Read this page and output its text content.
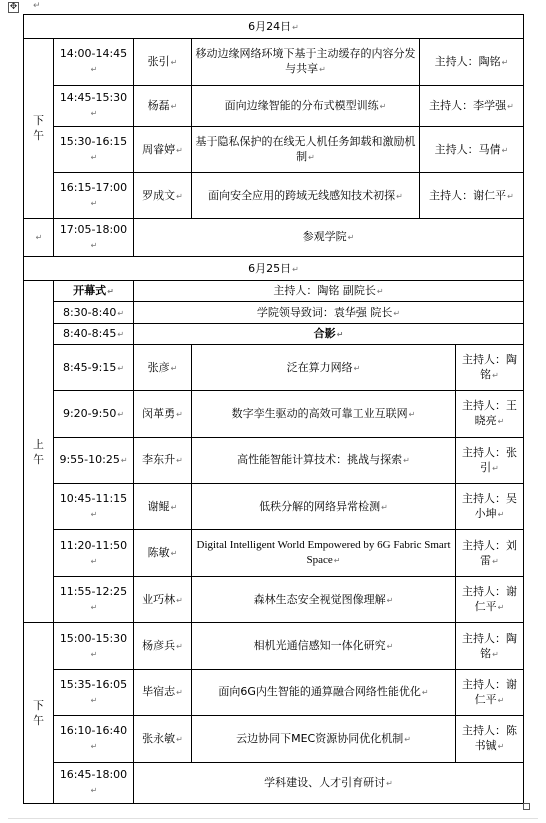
✥ ↵
6月24日↵					
下
午	14:00-14:45↵	张引↵	移动边缘网络环境下基于主动缓存的内容分发与共享↵	主持人：陶铭↵	
	14:45-15:30↵	杨磊↵	面向边缘智能的分布式模型训练↵	主持人：李学强↵	
	15:30-16:15↵	周睿婷↵	基于隐私保护的在线无人机任务卸载和激励机制↵	主持人：马倩↵	
	16:15-17:00↵	罗成文↵	面向安全应用的跨域无线感知技术初探↵	主持人：谢仁平↵	
↵	17:05-18:00↵	参观学院↵			
6月25日↵					
上
午	开幕式↵	主持人：陶铭 副院长↵			
	8:30-8:40↵	学院领导致词：袁华强 院长↵			
	8:40-8:45↵	合影↵			
	8:45-9:15↵	张彦↵	泛在算力网络↵		主持人：陶铭↵
	9:20-9:50↵	闵革勇↵	数字孪生驱动的高效可靠工业互联网↵		主持人：王晓亮↵
	9:55-10:25↵	李东升↵	高性能智能计算技术：挑战与探索↵		主持人：张引↵
	10:45-11:15↵	谢鲲↵	低秩分解的网络异常检测↵		主持人：吴小坤↵
	11:20-11:50↵	陈敏↵	Digital Intelligent World Empowered by 6G Fabric Smart Space↵		主持人：刘雷↵
	11:55-12:25↵	业巧林↵	森林生态安全视觉图像理解↵		主持人：谢仁平↵
下
午	15:00-15:30↵	杨彦兵↵	相机光通信感知一体化研究↵		主持人：陶铭↵
	15:35-16:05↵	毕宿志↵	面向6G内生智能的通算融合网络性能优化↵		主持人：谢仁平↵
	16:10-16:40↵	张永敏↵	云边协同下MEC资源协同优化机制↵		主持人：陈书铖↵
	16:45-18:00↵	学科建设、人才引育研讨↵			
